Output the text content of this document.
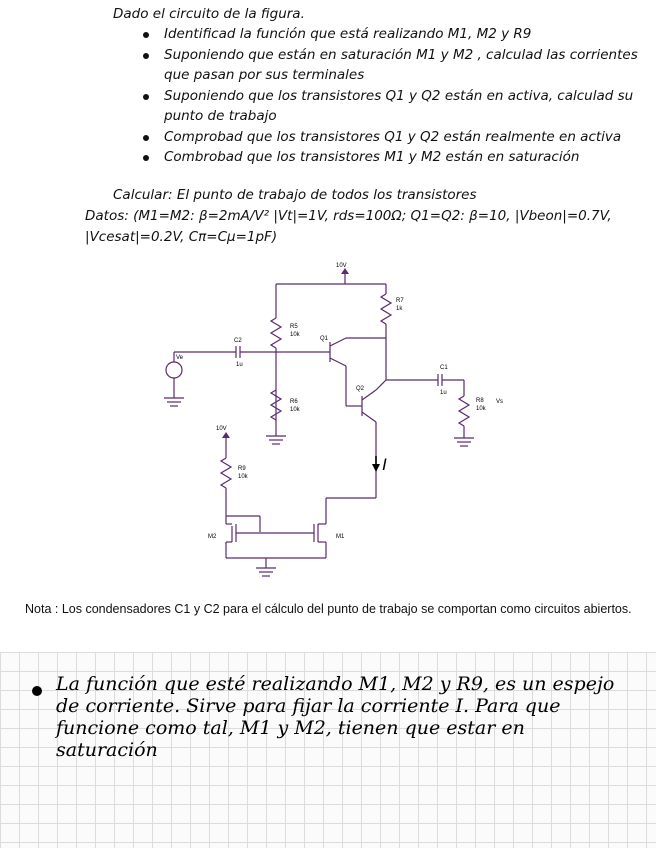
Dado el circuito de la figura.
Identificad la función que está realizando M1, M2 y R9
Suponiendo que están en saturación M1 y M2 , calculad las corrientes que pasan por sus terminales
Suponiendo que los transistores Q1 y Q2 están en activa, calculad su punto de trabajo
Comprobad que los transistores Q1 y Q2 están realmente en activa
Combrobad que los transistores M1 y M2 están en saturación
Calcular: El punto de trabajo de todos los transistores
Datos: (M1=M2: β=2mA/V² |Vt|=1V, rds=100Ω; Q1=Q2: β=10, |Vbeon|=0.7V, |Vcesat|=0.2V, Cπ=Cμ=1pF)
10V
10V
R7
1k
R5
10k
R6
10k
R9
10k
R8
10k
C2
1u	C1
1u
Q1
Q2
M1
M2
Ve
Vs
I
Nota : Los condensadores C1 y C2 para el cálculo del punto de trabajo se comportan como circuitos abiertos.
La función que esté realizando M1, M2 y R9, es un espejo de corriente. Sirve para fijar la corriente I. Para que funcione como tal, M1 y M2, tienen que estar en saturación
